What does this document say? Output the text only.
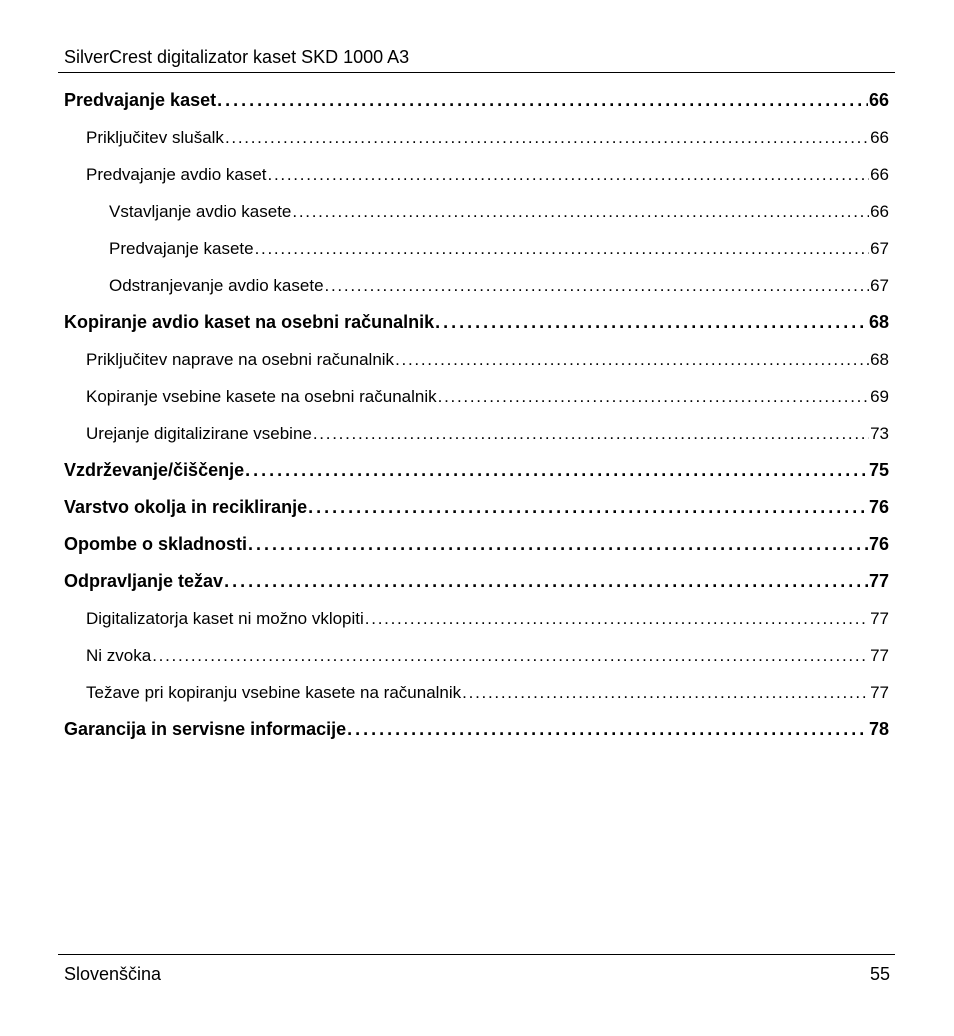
SilverCrest digitalizator kaset SKD 1000 A3
Predvajanje kaset . . .	66
Priključitev slušalk . . .	66
Predvajanje avdio kaset . . .	66
Vstavljanje avdio kasete . . .	66
Predvajanje kasete . . .	67
Odstranjevanje avdio kasete . . .	67
Kopiranje avdio kaset na osebni računalnik . . .	68
Priključitev naprave na osebni računalnik . . .	68
Kopiranje vsebine kasete na osebni računalnik . . .	69
Urejanje digitalizirane vsebine . . .	73
Vzdrževanje/čiščenje . . .	75
Varstvo okolja in recikliranje . . .	76
Opombe o skladnosti . . .	76
Odpravljanje težav . . .	77
Digitalizatorja kaset ni možno vklopiti . . .	77
Ni zvoka . . .	77
Težave pri kopiranju vsebine kasete na računalnik . . .	77
Garancija in servisne informacije . . .	78
Slovenščina	55
